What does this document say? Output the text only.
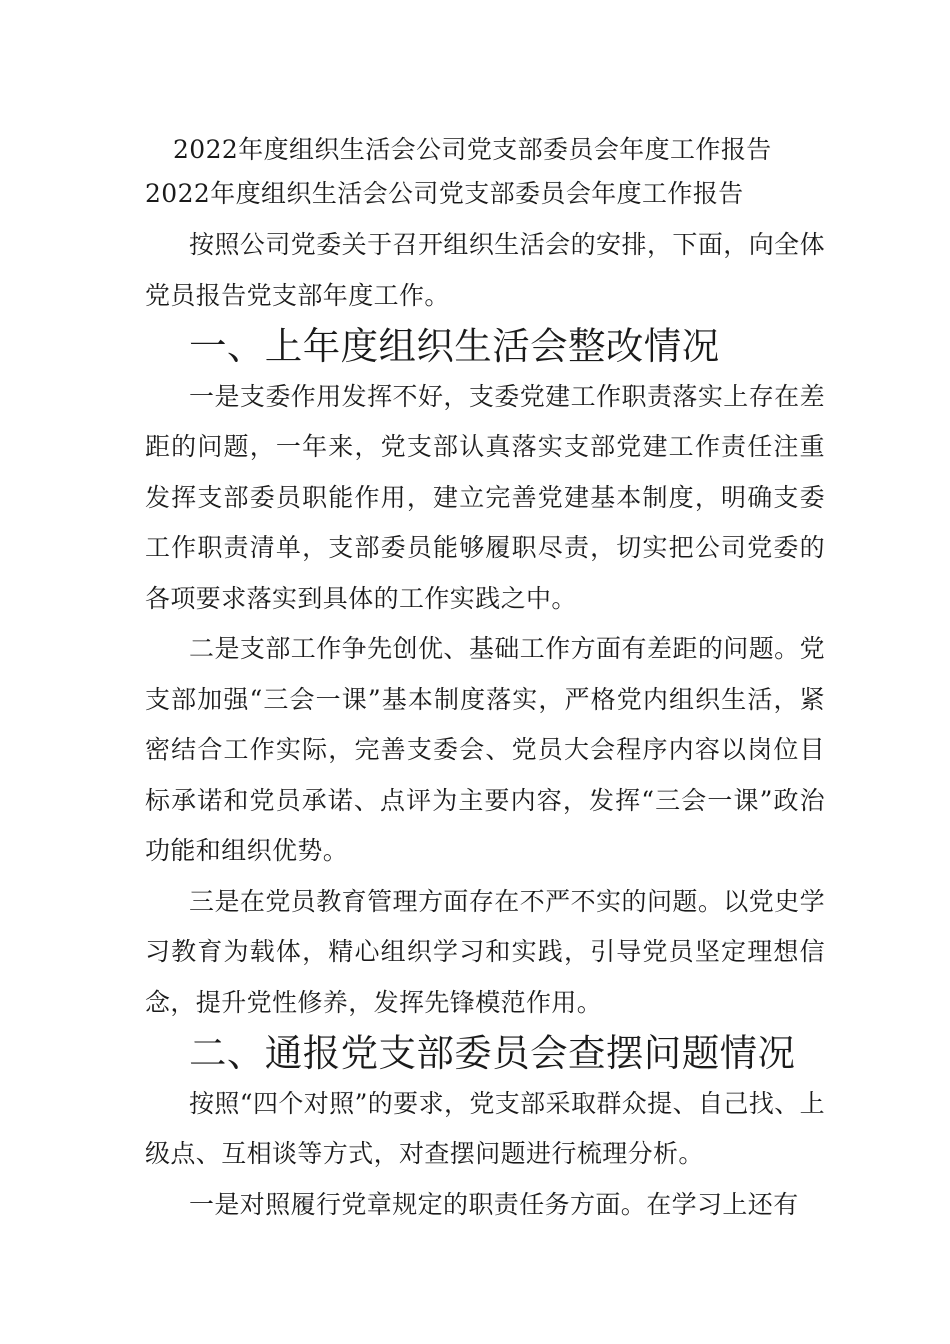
2022年度组织生活会公司党支部委员会年度工作报告
2022年度组织生活会公司党支部委员会年度工作报告

按照公司党委关于召开组织生活会的安排，下面，向全体党员报告党支部年度工作。

一、上年度组织生活会整改情况

一是支委作用发挥不好，支委党建工作职责落实上存在差距的问题，一年来，党支部认真落实支部党建工作责任注重发挥支部委员职能作用，建立完善党建基本制度，明确支委工作职责清单，支部委员能够履职尽责，切实把公司党委的各项要求落实到具体的工作实践之中。

二是支部工作争先创优、基础工作方面有差距的问题。党支部加强“三会一课”基本制度落实，严格党内组织生活，紧密结合工作实际，完善支委会、党员大会程序内容以岗位目标承诺和党员承诺、点评为主要内容，发挥“三会一课”政治功能和组织优势。

三是在党员教育管理方面存在不严不实的问题。以党史学习教育为载体，精心组织学习和实践，引导党员坚定理想信念，提升党性修养，发挥先锋模范作用。

二、通报党支部委员会查摆问题情况

按照“四个对照”的要求，党支部采取群众提、自己找、上级点、互相谈等方式，对查摆问题进行梳理分析。

一是对照履行党章规定的职责任务方面。在学习上还有
